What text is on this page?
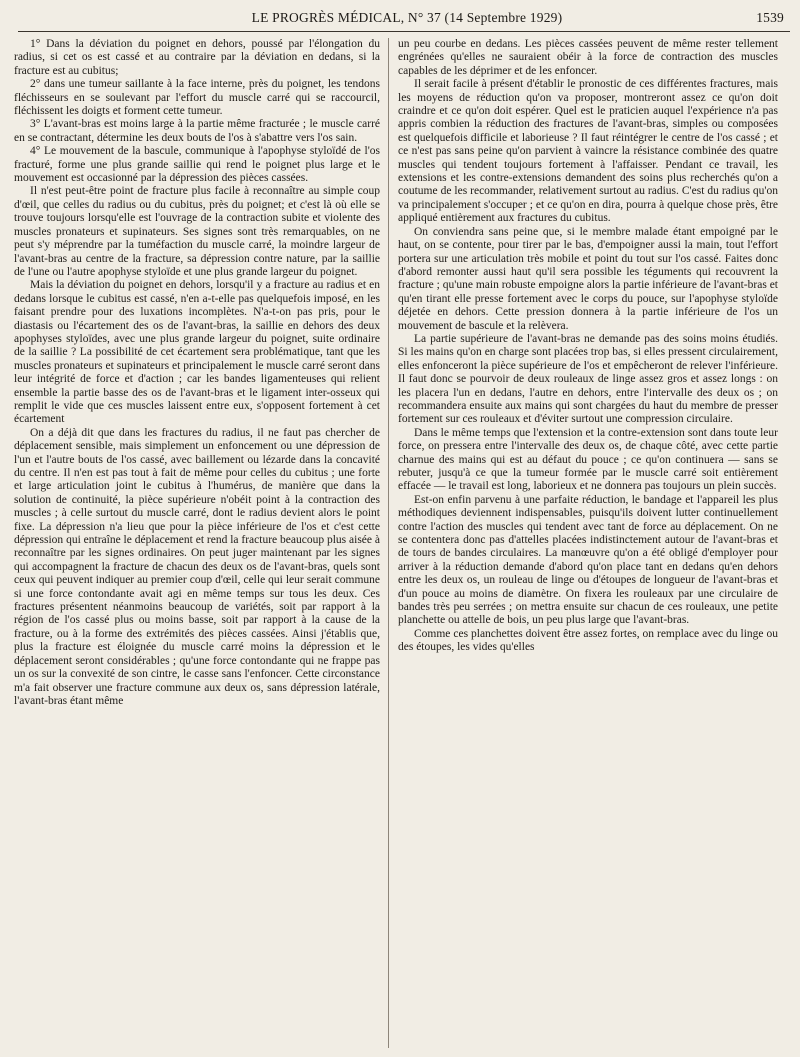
LE PROGRÈS MÉDICAL, N° 37 (14 Septembre 1929)	1539

1° Dans la déviation du poignet en dehors, poussé par l'élongation du radius, si cet os est cassé et au contraire par la déviation en dedans, si la fracture est au cubitus;

2° dans une tumeur saillante à la face interne, près du poignet, les tendons fléchisseurs en se soulevant par l'effort du muscle carré qui se raccourcil, fléchissent les doigts et forment cette tumeur.

3° L'avant-bras est moins large à la partie même fracturée ; le muscle carré en se contractant, détermine les deux bouts de l'os à s'abattre vers l'os sain.

4° Le mouvement de la bascule, communique à l'apophyse styloïdé de l'os fracturé, forme une plus grande saillie qui rend le poignet plus large et le mouvement est occasionné par la dépression des pièces cassées.

Il n'est peut-être point de fracture plus facile à reconnaître au simple coup d'œil, que celles du radius ou du cubitus, près du poignet; et c'est là où elle se trouve toujours lorsqu'elle est l'ouvrage de la contraction subite et violente des muscles pronateurs et supinateurs. Ses signes sont très remarquables, on ne peut s'y méprendre par la tuméfaction du muscle carré, la moindre largeur de l'avant-bras au centre de la fracture, sa dépression contre nature, par la saillie de l'une ou l'autre apophyse styloïde et une plus grande largeur du poignet.

Mais la déviation du poignet en dehors, lorsqu'il y a fracture au radius et en dedans lorsque le cubitus est cassé, n'en a-t-elle pas quelquefois imposé, en les faisant prendre pour des luxations incomplètes. N'a-t-on pas pris, pour le diastasis ou l'écartement des os de l'avant-bras, la saillie en dehors des deux apophyses styloïdes, avec une plus grande largeur du poignet, suite ordinaire de la saillie ? La possibilité de cet écartement sera problématique, tant que les muscles pronateurs et supinateurs et principalement le muscle carré seront dans leur intégrité de force et d'action ; car les bandes ligamenteuses qui relient ensemble la partie basse des os de l'avant-bras et le ligament inter-osseux qui remplit le vide que ces muscles laissent entre eux, s'opposent fortement à cet écartement

On a déjà dit que dans les fractures du radius, il ne faut pas chercher de déplacement sensible, mais simplement un enfoncement ou une dépression de l'un et l'autre bouts de l'os cassé, avec baillement ou lézarde dans la concavité du centre. Il n'en est pas tout à fait de même pour celles du cubitus ; une forte et large articulation joint le cubitus à l'humérus, de manière que dans la solution de continuité, la pièce supérieure n'obéit point à la contraction des muscles ; à celle surtout du muscle carré, dont le radius devient alors le point fixe. La dépression n'a lieu que pour la pièce inférieure de l'os et c'est cette dépression qui entraîne le déplacement et rend la fracture beaucoup plus aisée à reconnaître par les signes ordinaires. On peut juger maintenant par les signes qui accompagnent la fracture de chacun des deux os de l'avant-bras, quels sont ceux qui peuvent indiquer au premier coup d'œil, celle qui leur serait commune si une force contondante avait agi en même temps sur tous les deux. Ces fractures présentent néanmoins beaucoup de variétés, soit par rapport à la région de l'os cassé plus ou moins basse, soit par rapport à la cause de la fracture, ou à la forme des extrémités des pièces cassées. Ainsi j'établis que, plus la fracture est éloignée du muscle carré moins la dépression et le déplacement seront considérables ; qu'une force contondante qui ne frappe pas un os sur la convexité de son cintre, le casse sans l'enfoncer. Cette circonstance m'a fait observer une fracture commune aux deux os, sans dépression latérale, l'avant-bras étant même

un peu courbe en dedans. Les pièces cassées peuvent de même rester tellement engrénées qu'elles ne sauraient obéir à la force de contraction des muscles capables de les déprimer et de les enfoncer.

Il serait facile à présent d'établir le pronostic de ces différentes fractures, mais les moyens de réduction qu'on va proposer, montreront assez ce qu'on doit craindre et ce qu'on doit espérer. Quel est le praticien auquel l'expérience n'a pas appris combien la réduction des fractures de l'avant-bras, simples ou composées est quelquefois difficile et laborieuse ? Il faut réintégrer le centre de l'os cassé ; et ce n'est pas sans peine qu'on parvient à vaincre la résistance combinée des quatre muscles qui tendent toujours fortement à l'affaisser. Pendant ce travail, les extensions et les contre-extensions demandent des soins plus recherchés qu'on a coutume de les recommander, relativement surtout au radius. C'est du radius qu'on va principalement s'occuper ; et ce qu'on en dira, pourra à quelque chose près, être appliqué entièrement aux fractures du cubitus.

On conviendra sans peine que, si le membre malade étant empoigné par le haut, on se contente, pour tirer par le bas, d'empoigner aussi la main, tout l'effort portera sur une articulation très mobile et point du tout sur l'os cassé. Faites donc d'abord remonter aussi haut qu'il sera possible les téguments qui recouvrent la fracture ; qu'une main robuste empoigne alors la partie inférieure de l'avant-bras et qu'en tirant elle presse fortement avec le corps du pouce, sur l'apophyse styloïde déjetée en dehors. Cette pression donnera à la partie inférieure de l'os un mouvement de bascule et la relèvera.

La partie supérieure de l'avant-bras ne demande pas des soins moins étudiés. Si les mains qu'on en charge sont placées trop bas, si elles pressent circulairement, elles enfonceront la pièce supérieure de l'os et empêcheront de relever l'inférieure. Il faut donc se pourvoir de deux rouleaux de linge assez gros et assez longs : on les placera l'un en dedans, l'autre en dehors, entre l'intervalle des deux os ; on recommandera ensuite aux mains qui sont chargées du haut du membre de presser fortement sur ces rouleaux et d'éviter surtout une compression circulaire.

Dans le même temps que l'extension et la contre-extension sont dans toute leur force, on pressera entre l'intervalle des deux os, de chaque côté, avec cette partie charnue des mains qui est au défaut du pouce ; ce qu'on continuera — sans se rebuter, jusqu'à ce que la tumeur formée par le muscle carré soit entièrement effacée — le travail est long, laborieux et ne donnera pas toujours un plein succès.

Est-on enfin parvenu à une parfaite réduction, le bandage et l'appareil les plus méthodiques deviennent indispensables, puisqu'ils doivent lutter continuellement contre l'action des muscles qui tendent avec tant de force au déplacement. On ne se contentera donc pas d'attelles placées indistinctement autour de l'avant-bras et de tours de bandes circulaires. La manœuvre qu'on a été obligé d'employer pour arriver à la réduction demande d'abord qu'on place tant en dedans qu'en dehors entre les deux os, un rouleau de linge ou d'étoupes de longueur de l'avant-bras et d'un pouce au moins de diamètre. On fixera les rouleaux par une circulaire de bandes très peu serrées ; on mettra ensuite sur chacun de ces rouleaux, une petite planchette ou attelle de bois, un peu plus large que l'avant-bras.

Comme ces planchettes doivent être assez fortes, on remplace avec du linge ou des étoupes, les vides qu'elles
